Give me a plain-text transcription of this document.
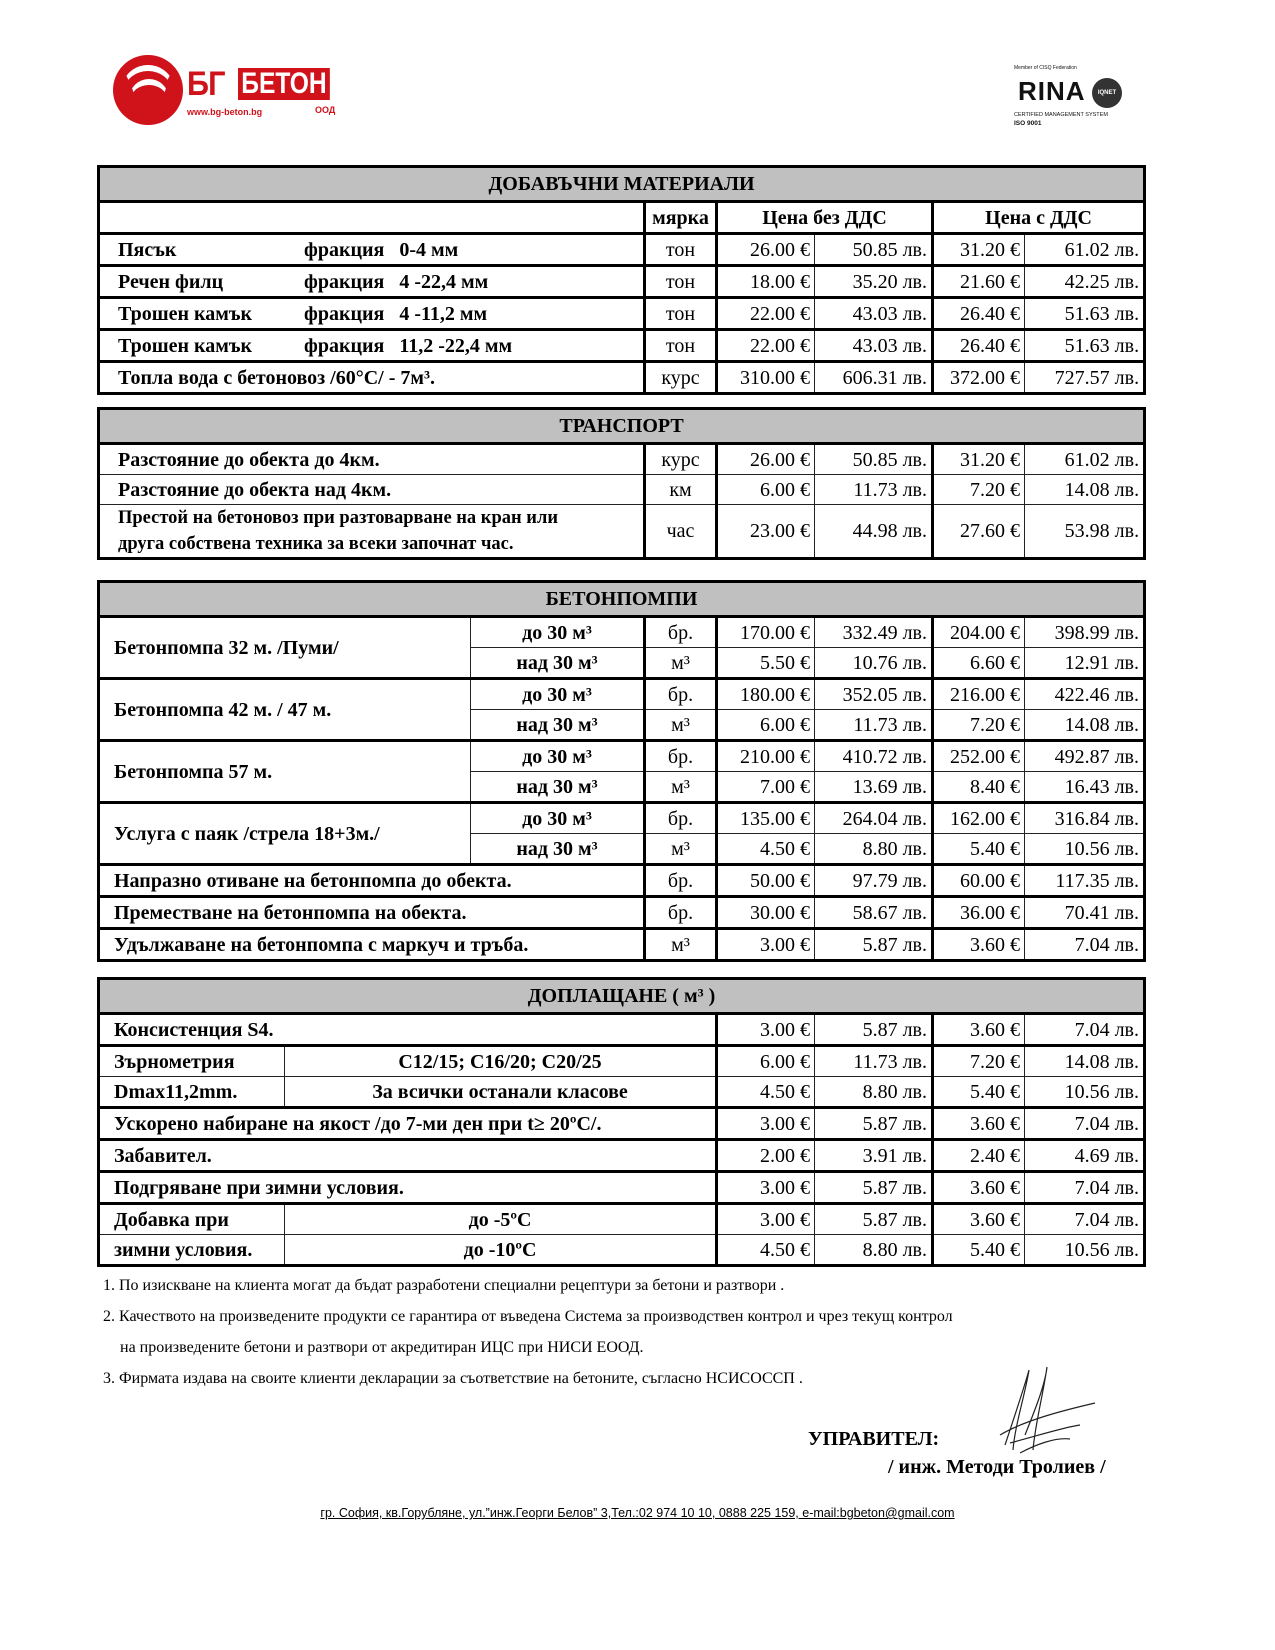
БГ БЕТОН
www.bg-beton.bg	ООД
Member of CISQ Federation
RINA	IQNET
CERTIFIED MANAGEMENT SYSTEM
ISO 9001
ДОБАВЪЧНИ МАТЕРИАЛИ					
	мярка	Цена без ДДС		Цена с ДДС	
Пясък фракция   0-4 мм	тон	26.00 €	50.85 лв.	31.20 €	61.02 лв.
Речен филц фракция   4 -22,4 мм	тон	18.00 €	35.20 лв.	21.60 €	42.25 лв.
Трошен камък фракция   4 -11,2 мм	тон	22.00 €	43.03 лв.	26.40 €	51.63 лв.
Трошен камък фракция   11,2 -22,4 мм	тон	22.00 €	43.03 лв.	26.40 €	51.63 лв.
Топла вода с бетоновоз /60°C/ - 7м³.	курс	310.00 €	606.31 лв.	372.00 €	727.57 лв.
ТРАНСПОРТ					
Разстояние до обекта до 4км.	курс	26.00 €	50.85 лв.	31.20 €	61.02 лв.
Разстояние до обекта над 4км.	км	6.00 €	11.73 лв.	7.20 €	14.08 лв.

Престой на бетоновоз при разтоварване на кран или
друга собствена техника за всеки започнат час.	час	23.00 €	44.98 лв.	27.60 €	53.98 лв.
БЕТОНПОМПИ						
Бетонпомпа 32 м. /Пуми/	до 30 м³	бр.	170.00 €	332.49 лв.	204.00 €	398.99 лв.
	над 30 м³	м³	5.50 €	10.76 лв.	6.60 €	12.91 лв.
Бетонпомпа 42 м. / 47 м.	до 30 м³	бр.	180.00 €	352.05 лв.	216.00 €	422.46 лв.
	над 30 м³	м³	6.00 €	11.73 лв.	7.20 €	14.08 лв.
Бетонпомпа 57 м.	до 30 м³	бр.	210.00 €	410.72 лв.	252.00 €	492.87 лв.
	над 30 м³	м³	7.00 €	13.69 лв.	8.40 €	16.43 лв.
Услуга с паяк /стрела 18+3м./	до 30 м³	бр.	135.00 €	264.04 лв.	162.00 €	316.84 лв.
	над 30 м³	м³	4.50 €	8.80 лв.	5.40 €	10.56 лв.
Напразно отиване на бетонпомпа до обекта.		бр.	50.00 €	97.79 лв.	60.00 €	117.35 лв.
Преместване на бетонпомпа на обекта.		бр.	30.00 €	58.67 лв.	36.00 €	70.41 лв.
Удължаване на бетонпомпа с маркуч и тръба.		м³	3.00 €	5.87 лв.	3.60 €	7.04 лв.
ДОПЛАЩАНЕ ( м³ )					
Консистенция S4.		3.00 €	5.87 лв.	3.60 €	7.04 лв.
Зърнометрия	C12/15; C16/20; C20/25	6.00 €	11.73 лв.	7.20 €	14.08 лв.
Dmax11,2mm.	За всички останали класове	4.50 €	8.80 лв.	5.40 €	10.56 лв.
Ускорено набиране на якост /до 7-ми ден при t≥ 20ºC/.		3.00 €	5.87 лв.	3.60 €	7.04 лв.
Забавител.		2.00 €	3.91 лв.	2.40 €	4.69 лв.
Подгряване при зимни условия.		3.00 €	5.87 лв.	3.60 €	7.04 лв.
Добавка при	до -5ºC	3.00 €	5.87 лв.	3.60 €	7.04 лв.
зимни условия.	до -10ºC	4.50 €	8.80 лв.	5.40 €	10.56 лв.
1. По изискване на клиента могат да бъдат разработени специални рецептури за бетони и разтвори .
2. Качеството на произведените продукти се гарантира от въведена Система за производствен контрол и чрез текущ контрол
на произведените бетони и разтвори от акредитиран ИЦС при НИСИ ЕООД.
3. Фирмата издава на своите клиенти декларации за съответствие на бетоните, съгласно НСИСОССП .
УПРАВИТЕЛ:
/ инж. Методи Тролиев /
гр. София, кв.Горубляне, ул.”инж.Георги Белов” 3,Тел.:02 974 10 10, 0888 225 159, e-mail:bgbeton@gmail.com
